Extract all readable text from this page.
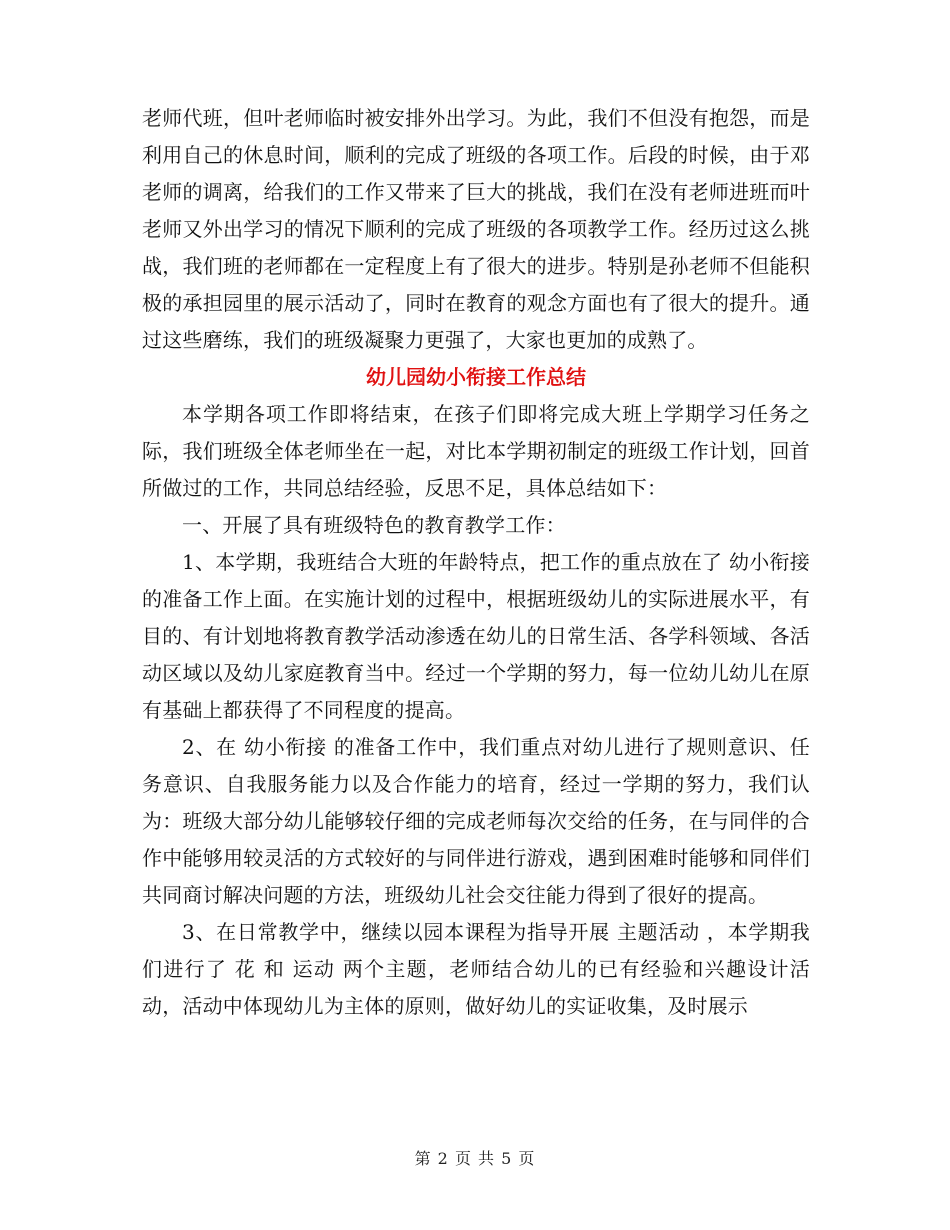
老师代班，但叶老师临时被安排外出学习。为此，我们不但没有抱怨，而是利用自己的休息时间，顺利的完成了班级的各项工作。后段的时候，由于邓老师的调离，给我们的工作又带来了巨大的挑战，我们在没有老师进班而叶老师又外出学习的情况下顺利的完成了班级的各项教学工作。经历过这么挑战，我们班的老师都在一定程度上有了很大的进步。特别是孙老师不但能积极的承担园里的展示活动了，同时在教育的观念方面也有了很大的提升。通过这些磨练，我们的班级凝聚力更强了，大家也更加的成熟了。

幼儿园幼小衔接工作总结

本学期各项工作即将结束，在孩子们即将完成大班上学期学习任务之际，我们班级全体老师坐在一起，对比本学期初制定的班级工作计划，回首所做过的工作，共同总结经验，反思不足，具体总结如下：

一、开展了具有班级特色的教育教学工作：

1、本学期，我班结合大班的年龄特点，把工作的重点放在了 幼小衔接 的准备工作上面。在实施计划的过程中，根据班级幼儿的实际进展水平，有目的、有计划地将教育教学活动渗透在幼儿的日常生活、各学科领域、各活动区域以及幼儿家庭教育当中。经过一个学期的努力，每一位幼儿幼儿在原有基础上都获得了不同程度的提高。

2、在 幼小衔接 的准备工作中，我们重点对幼儿进行了规则意识、任务意识、自我服务能力以及合作能力的培育，经过一学期的努力，我们认为：班级大部分幼儿能够较仔细的完成老师每次交给的任务，在与同伴的合作中能够用较灵活的方式较好的与同伴进行游戏，遇到困难时能够和同伴们共同商讨解决问题的方法，班级幼儿社会交往能力得到了很好的提高。

3、在日常教学中，继续以园本课程为指导开展 主题活动 ，本学期我们进行了 花 和 运动 两个主题，老师结合幼儿的已有经验和兴趣设计活动，活动中体现幼儿为主体的原则，做好幼儿的实证收集，及时展示

第 2 页 共 5 页
